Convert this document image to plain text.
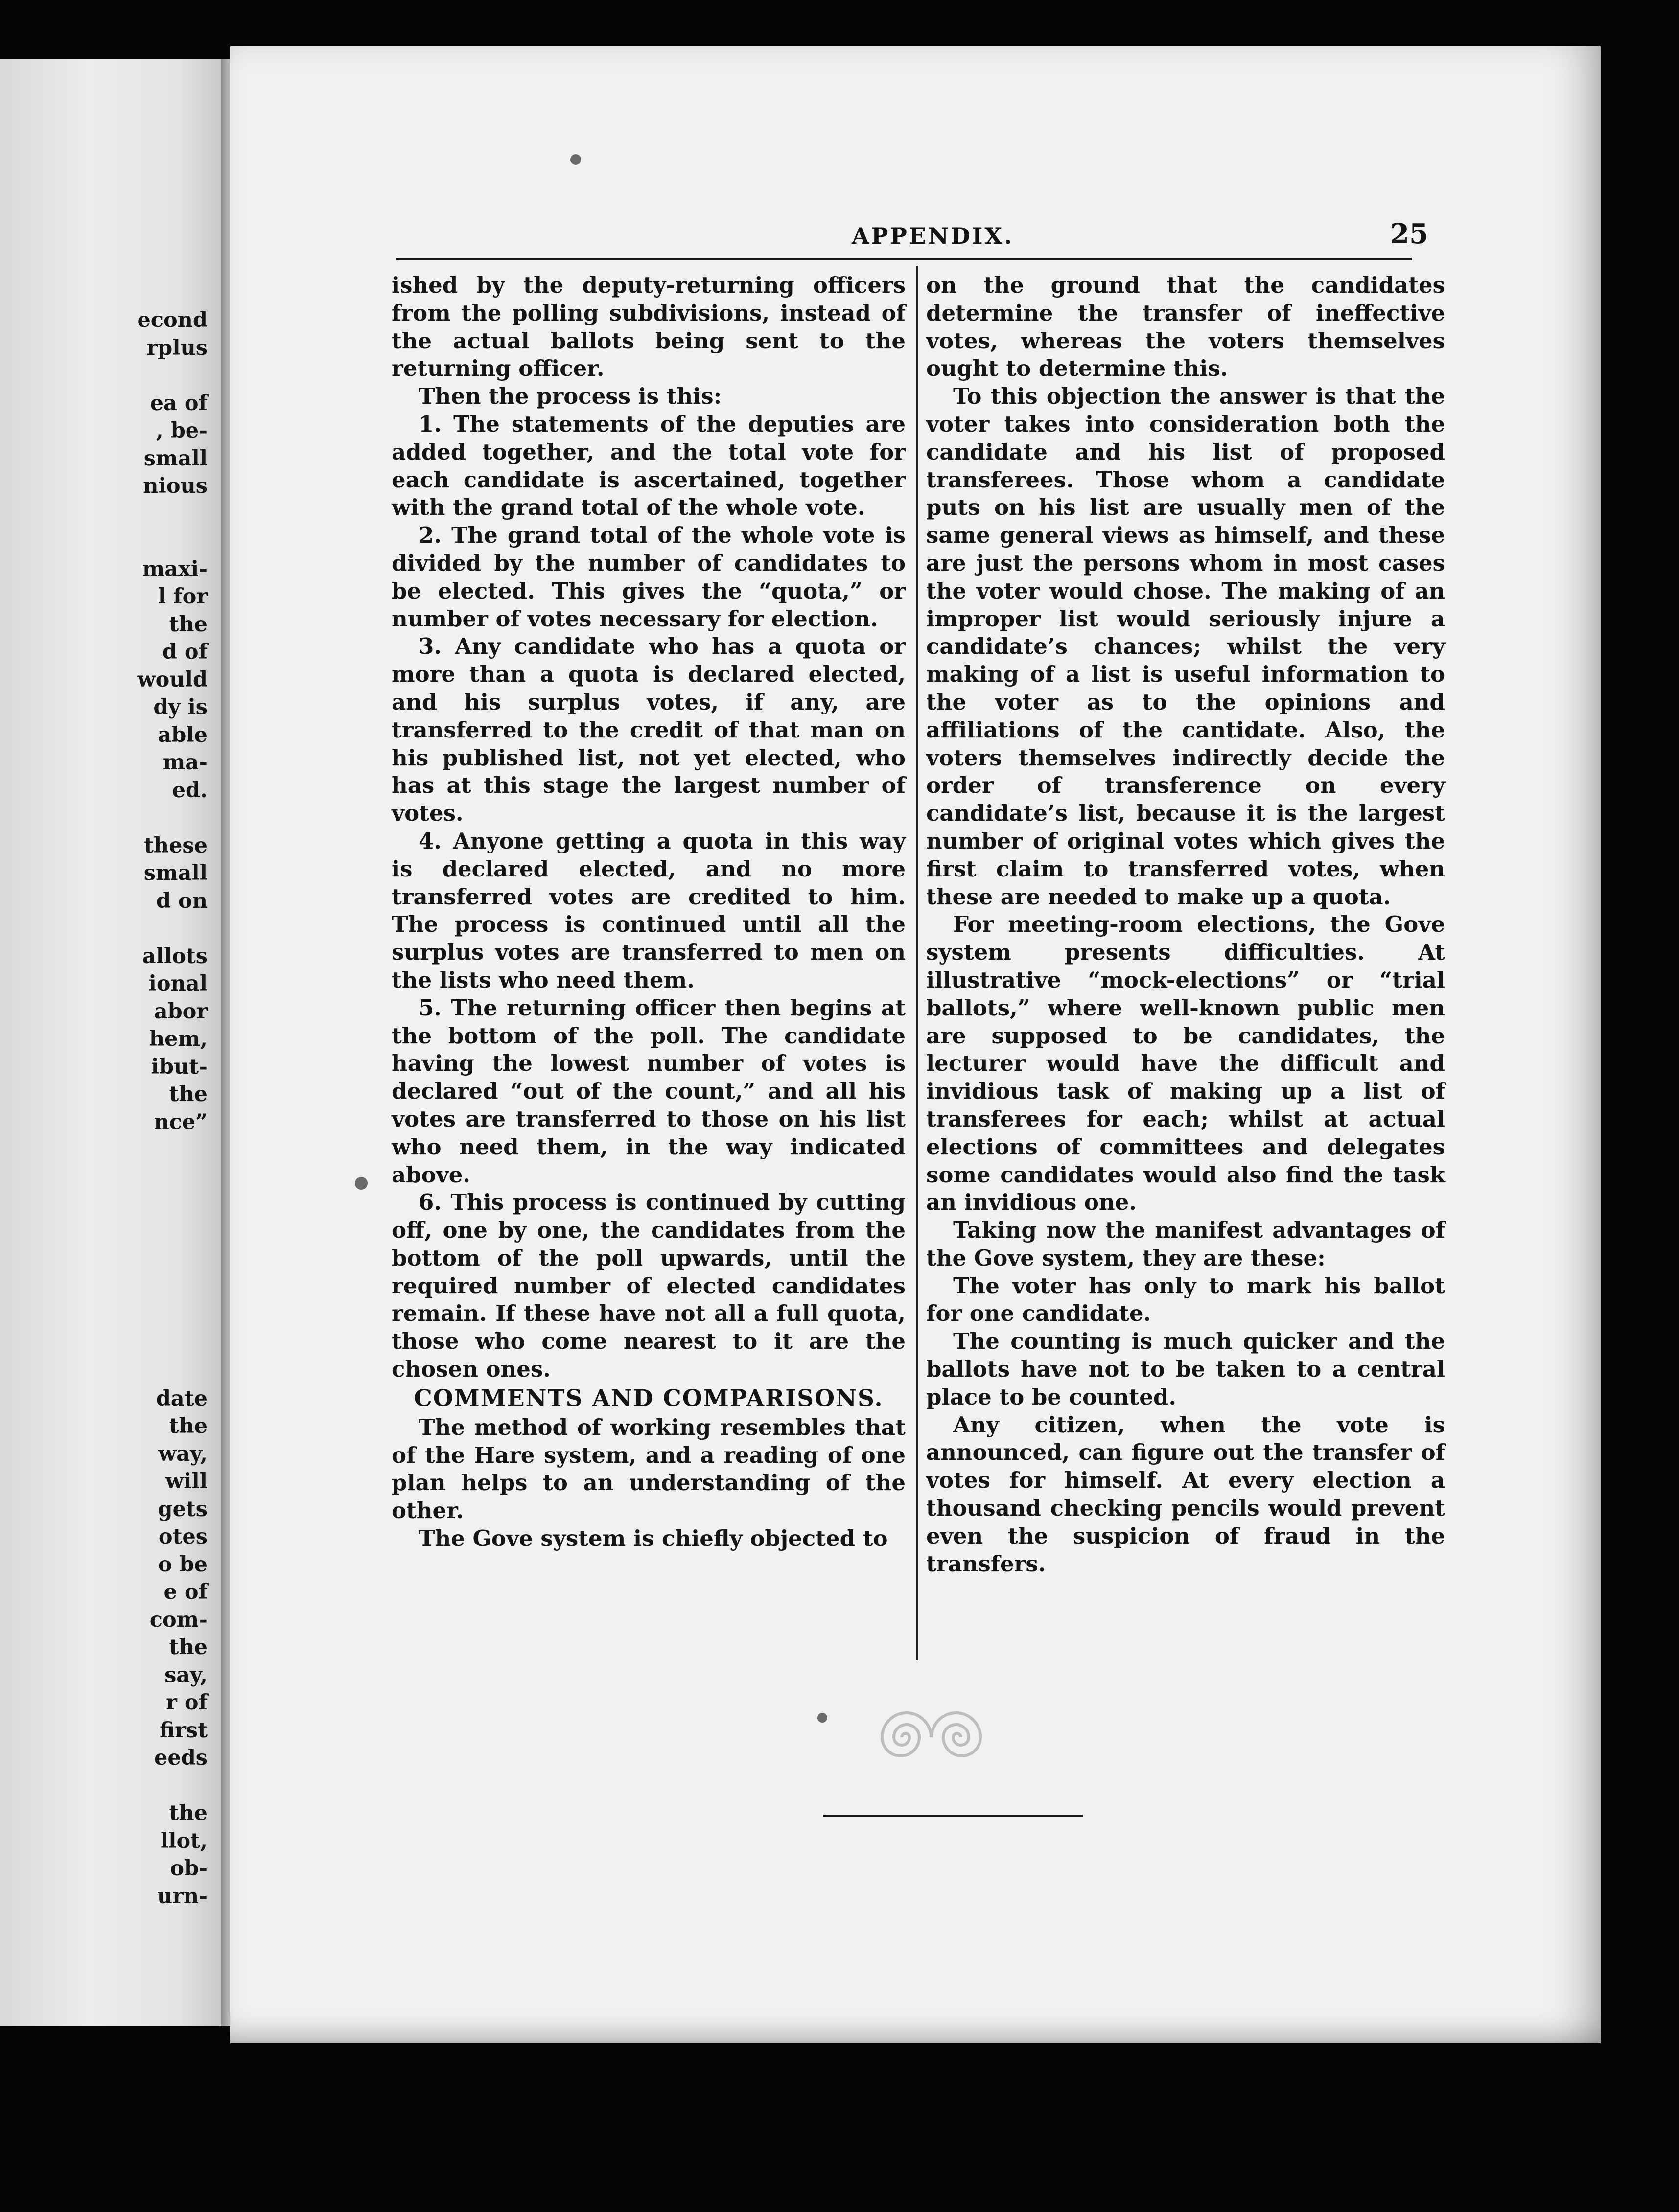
econd
rplus
ea of
, be-
small
nious
maxi-
l for
the
d of
would
dy is
able
ma-
ed.
these
small
d on
allots
ional
abor
hem,
ibut-
the
nce”
date
the
way,
will
gets
otes
o be
e of
com-
the
say,
r of
first
eeds
the
llot,
ob-
urn-
APPENDIX.	25

ished by the deputy-returning officers from the polling subdivisions, instead of the actual ballots being sent to the returning officer.

Then the process is this:

1. The statements of the deputies are added together, and the total vote for each candidate is ascertained, together with the grand total of the whole vote.

2. The grand total of the whole vote is divided by the number of candidates to be elected. This gives the “quota,” or number of votes necessary for election.

3. Any candidate who has a quota or more than a quota is declared elected, and his surplus votes, if any, are transferred to the credit of that man on his published list, not yet elected, who has at this stage the largest number of votes.

4. Anyone getting a quota in this way is declared elected, and no more transferred votes are credited to him. The process is continued until all the surplus votes are transferred to men on the lists who need them.

5. The returning officer then begins at the bottom of the poll. The candidate having the lowest number of votes is declared “out of the count,” and all his votes are transferred to those on his list who need them, in the way indicated above.

6. This process is continued by cutting off, one by one, the candidates from the bottom of the poll upwards, until the required number of elected candidates remain. If these have not all a full quota, those who come nearest to it are the chosen ones.

COMMENTS AND COMPARISONS.

The method of working resembles that of the Hare system, and a reading of one plan helps to an understanding of the other.

The Gove system is chiefly objected to

on the ground that the candidates determine the transfer of ineffective votes, whereas the voters themselves ought to determine this.

To this objection the answer is that the voter takes into consideration both the candidate and his list of proposed transferees. Those whom a candidate puts on his list are usually men of the same general views as himself, and these are just the persons whom in most cases the voter would chose. The making of an improper list would seriously injure a candidate’s chances; whilst the very making of a list is useful information to the voter as to the opinions and affiliations of the cantidate. Also, the voters themselves indirectly decide the order of transference on every candidate’s list, because it is the largest number of original votes which gives the first claim to transferred votes, when these are needed to make up a quota.

For meeting-room elections, the Gove system presents difficulties. At illustrative “mock-elections” or “trial ballots,” where well-known public men are supposed to be candidates, the lecturer would have the difficult and invidious task of making up a list of transferees for each; whilst at actual elections of committees and delegates some candidates would also find the task an invidious one.

Taking now the manifest advantages of the Gove system, they are these:

The voter has only to mark his ballot for one candidate.

The counting is much quicker and the ballots have not to be taken to a central place to be counted.

Any citizen, when the vote is announced, can figure out the transfer of votes for himself. At every election a thousand checking pencils would prevent even the suspicion of fraud in the transfers.
